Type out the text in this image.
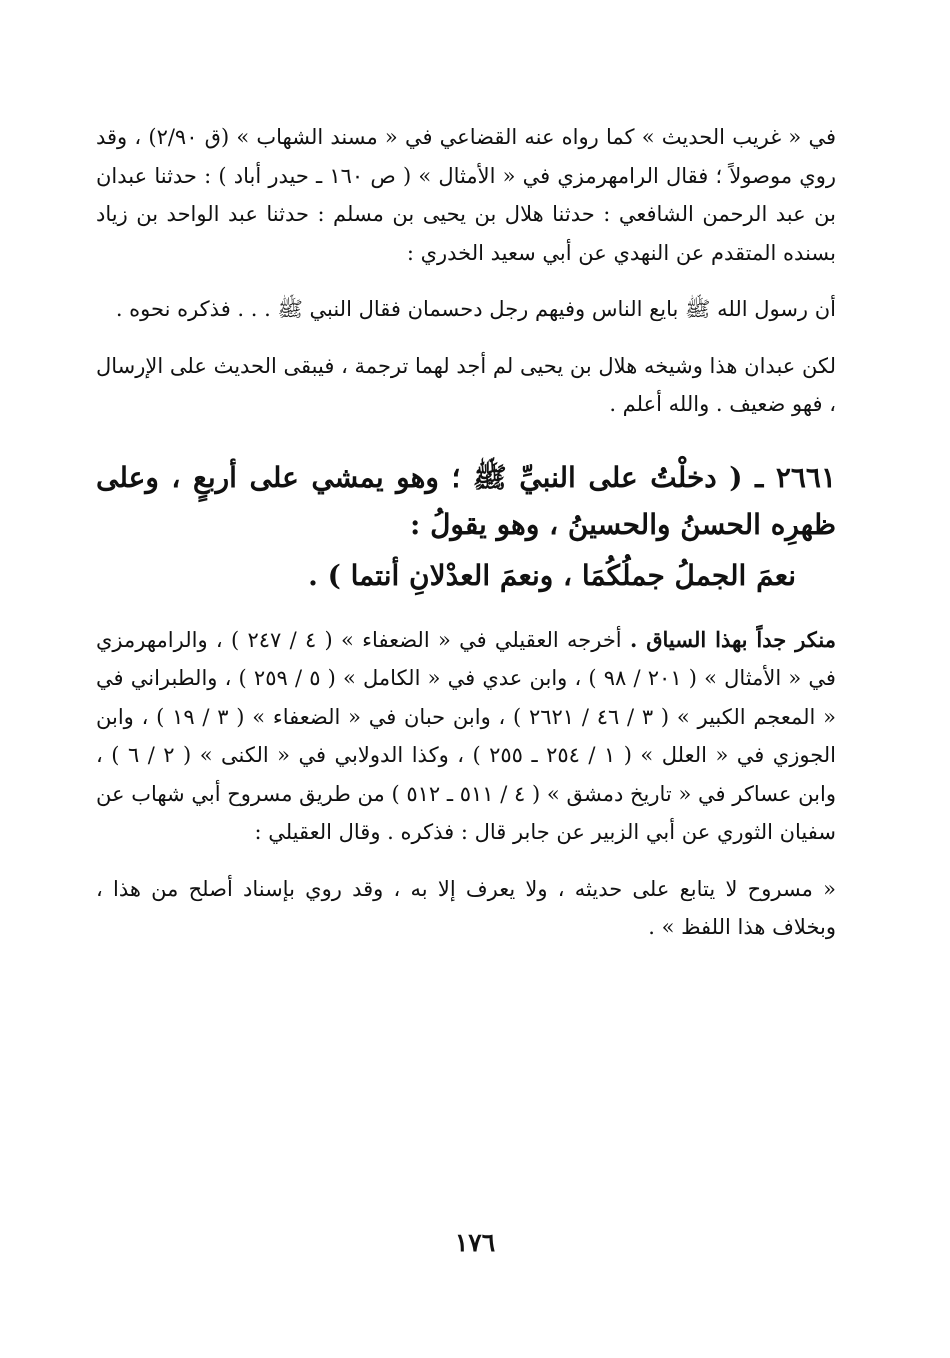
في « غريب الحديث » كما رواه عنه القضاعي في « مسند الشهاب » (ق ٢/٩٠) ، وقد روي موصولاً ؛ فقال الرامهرمزي في « الأمثال » ( ص ١٦٠ ـ حيدر أباد ) : حدثنا عبدان بن عبد الرحمن الشافعي : حدثنا هلال بن يحيى بن مسلم : حدثنا عبد الواحد بن زياد بسنده المتقدم عن النهدي عن أبي سعيد الخدري :

أن رسول الله ﷺ بايع الناس وفيهم رجل دحسمان فقال النبي ﷺ . . . فذكره نحوه .

لكن عبدان هذا وشيخه هلال بن يحيى لم أجد لهما ترجمة ، فيبقى الحديث على الإرسال ، فهو ضعيف . والله أعلم .

٢٦٦١ ـ ( دخلْتُ على النبيِّ ﷺ ؛ وهو يمشي على أربعٍ ، وعلى ظهرِه الحسنُ والحسينُ ، وهو يقولُ :

نعمَ الجملُ جملُكُمَا ، ونعمَ العدْلانِ أنتما ) .

منكر جداً بهذا السياق . أخرجه العقيلي في « الضعفاء » ( ٤ / ٢٤٧ ) ، والرامهرمزي في « الأمثال » ( ٢٠١ / ٩٨ ) ، وابن عدي في « الكامل » ( ٥ / ٢٥٩ ) ، والطبراني في « المعجم الكبير » ( ٣ / ٤٦ / ٢٦٢١ ) ، وابن حبان في « الضعفاء » ( ٣ / ١٩ ) ، وابن الجوزي في « العلل » ( ١ / ٢٥٤ ـ ٢٥٥ ) ، وكذا الدولابي في « الكنى » ( ٢ / ٦ ) ، وابن عساكر في « تاريخ دمشق » ( ٤ / ٥١١ ـ ٥١٢ ) من طريق مسروح أبي شهاب عن سفيان الثوري عن أبي الزبير عن جابر قال : فذكره . وقال العقيلي :

« مسروح لا يتابع على حديثه ، ولا يعرف إلا به ، وقد روي بإسناد أصلح من هذا ، وبخلاف هذا اللفظ » .

١٧٦
